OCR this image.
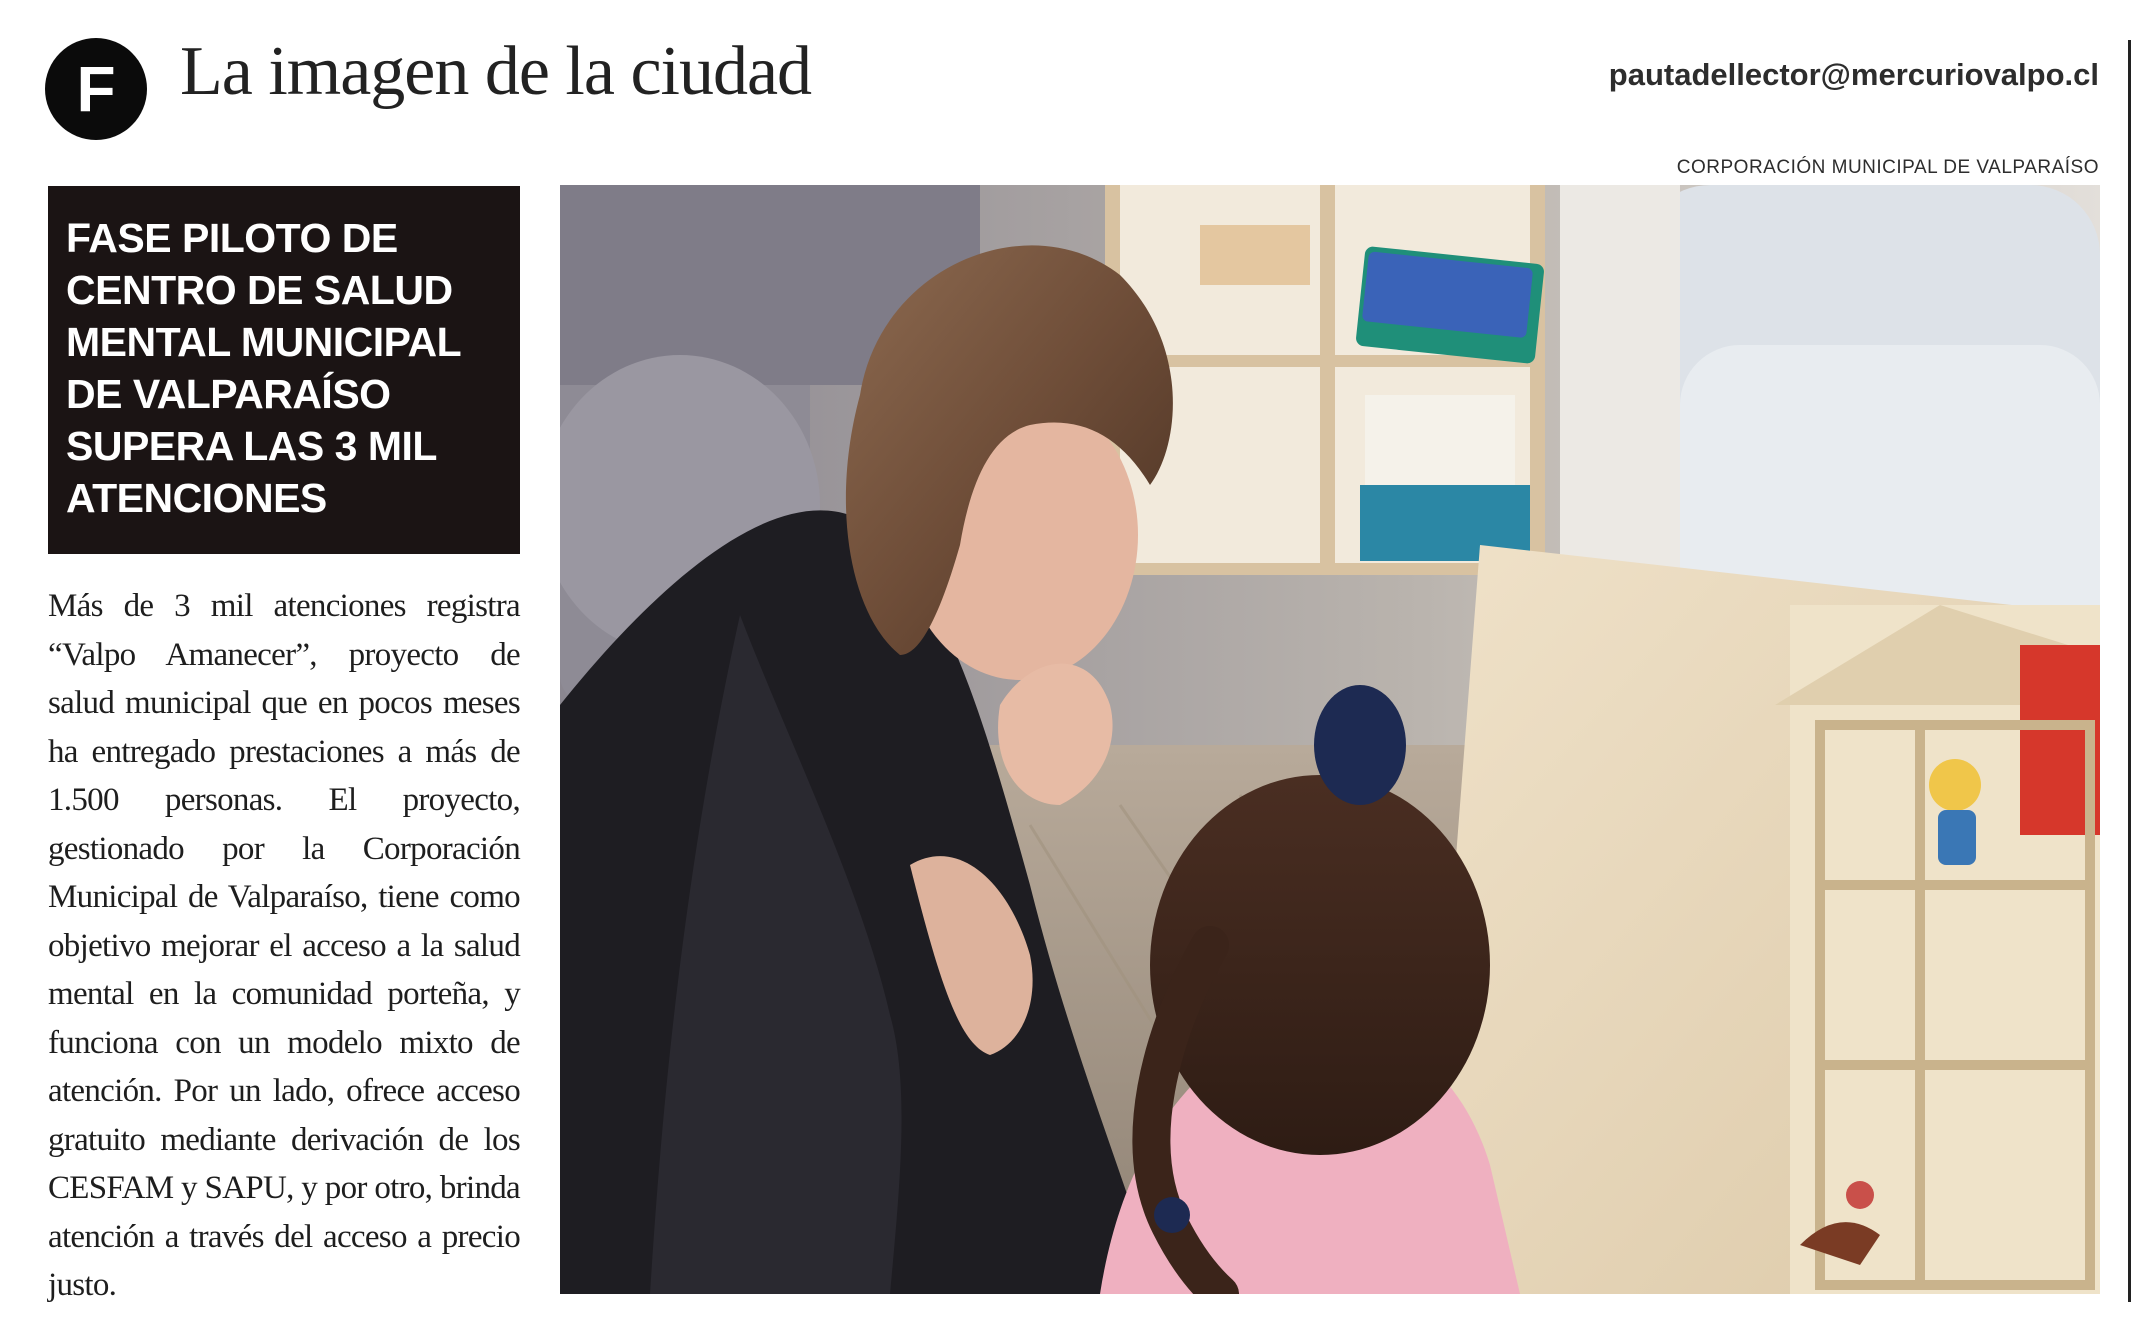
F La imagen de la ciudad	pautadellector@mercuriovalpo.cl
FASE PILOTO DE CENTRO DE SALUD MENTAL MUNICIPAL DE VALPARAÍSO SUPERA LAS 3 MIL ATENCIONES

Más de 3 mil atenciones registra “Valpo Amanecer”, proyecto de salud municipal que en pocos meses ha entregado prestaciones a más de 1.500 personas. El proyecto, gestionado por la Corporación Municipal de Valparaíso, tiene como objetivo mejorar el acceso a la salud mental en la comunidad porteña, y funciona con un modelo mixto de atención. Por un lado, ofrece acceso gratuito mediante derivación de los CESFAM y SAPU, y por otro, brinda atención a través del acceso a precio justo.

CORPORACIÓN MUNICIPAL DE VALPARAÍSO
